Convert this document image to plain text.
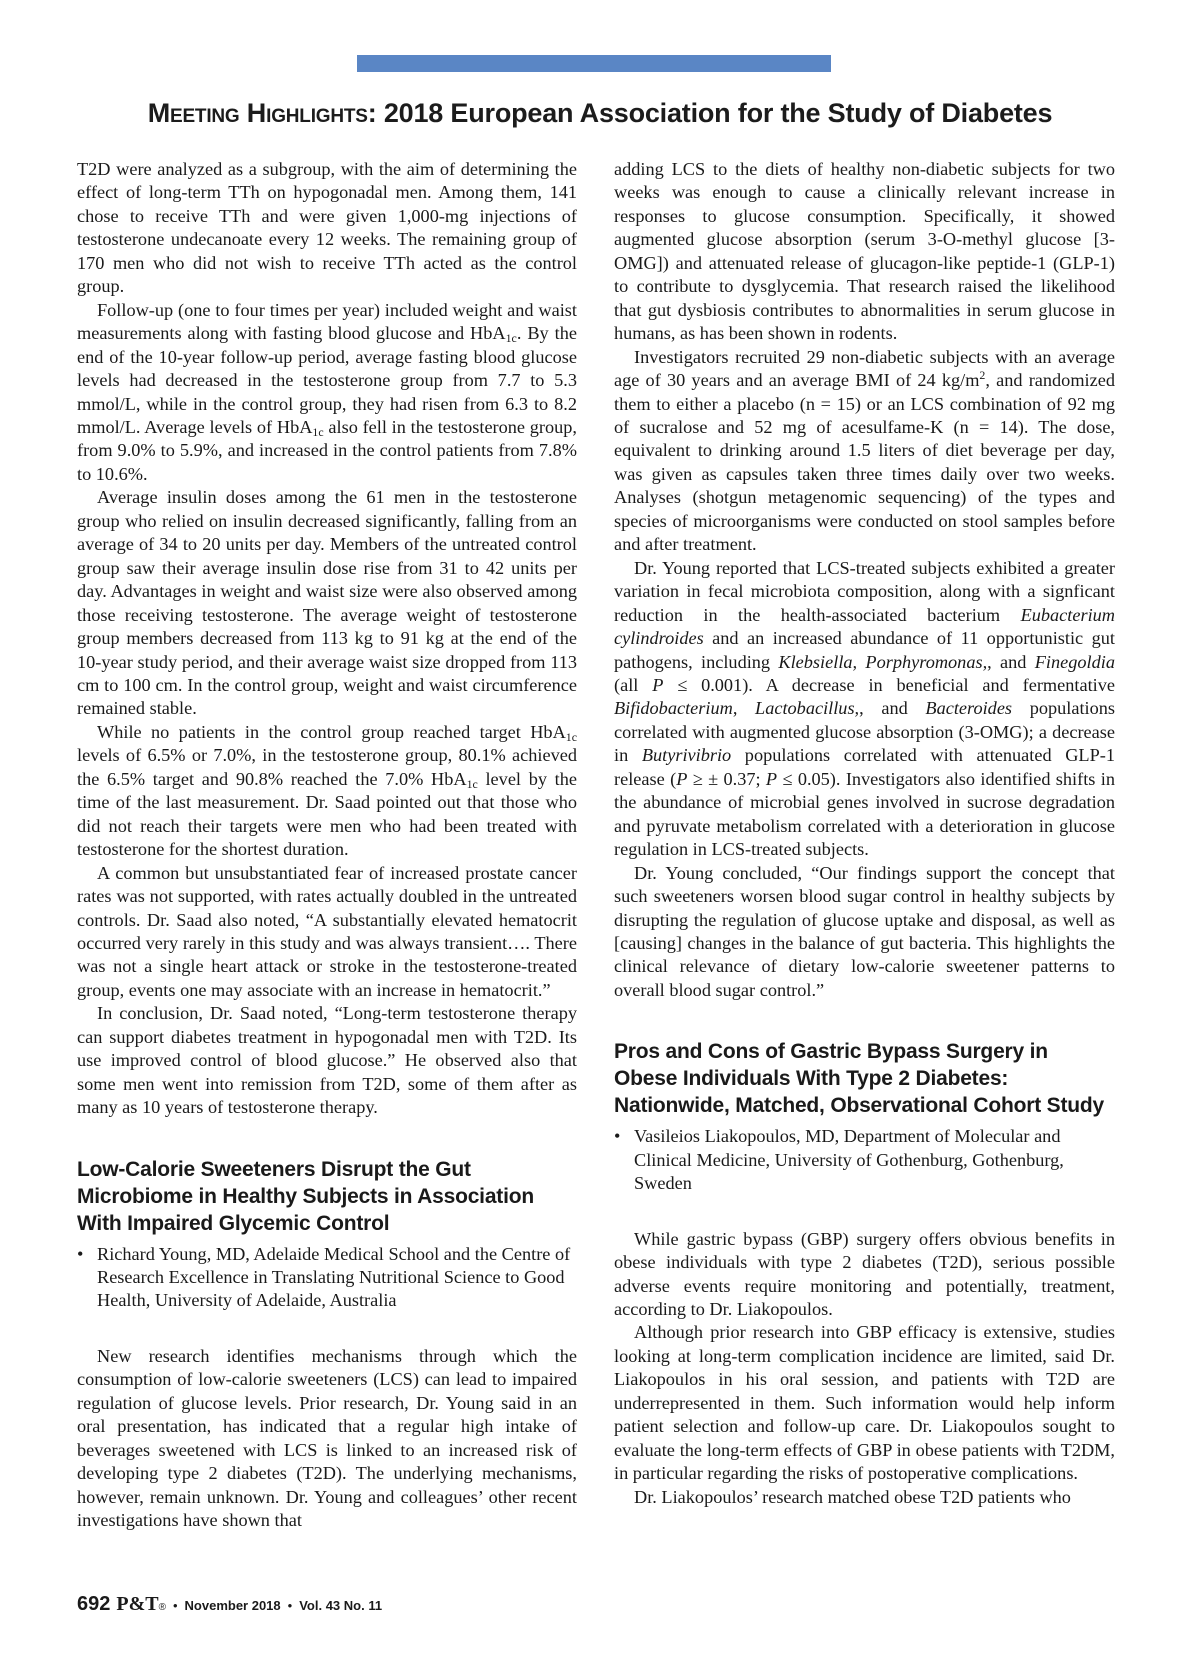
Meeting Highlights: 2018 European Association for the Study of Diabetes

T2D were analyzed as a subgroup, with the aim of determining the effect of long-term TTh on hypogonadal men. Among them, 141 chose to receive TTh and were given 1,000-mg injections of testosterone undecanoate every 12 weeks. The remaining group of 170 men who did not wish to receive TTh acted as the control group.

Follow-up (one to four times per year) included weight and waist measurements along with fasting blood glucose and HbA$_{1c}$. By the end of the 10-year follow-up period, average fasting blood glucose levels had decreased in the testosterone group from 7.7 to 5.3 mmol/L, while in the control group, they had risen from 6.3 to 8.2 mmol/L. Average levels of HbA$_{1c}$ also fell in the testosterone group, from 9.0% to 5.9%, and increased in the control patients from 7.8% to 10.6%.

Average insulin doses among the 61 men in the testosterone group who relied on insulin decreased significantly, falling from an average of 34 to 20 units per day. Members of the untreated control group saw their average insulin dose rise from 31 to 42 units per day. Advantages in weight and waist size were also observed among those receiving testosterone. The average weight of testosterone group members decreased from 113 kg to 91 kg at the end of the 10-year study period, and their average waist size dropped from 113 cm to 100 cm. In the control group, weight and waist circumference remained stable.

While no patients in the control group reached target HbA$_{1c}$ levels of 6.5% or 7.0%, in the testosterone group, 80.1% achieved the 6.5% target and 90.8% reached the 7.0% HbA$_{1c}$ level by the time of the last measurement. Dr. Saad pointed out that those who did not reach their targets were men who had been treated with testosterone for the shortest duration.

A common but unsubstantiated fear of increased prostate cancer rates was not supported, with rates actually doubled in the untreated controls. Dr. Saad also noted, “A substantially elevated hematocrit occurred very rarely in this study and was always transient…. There was not a single heart attack or stroke in the testosterone-treated group, events one may associate with an increase in hematocrit.”

In conclusion, Dr. Saad noted, “Long-term testosterone therapy can support diabetes treatment in hypogonadal men with T2D. Its use improved control of blood glucose.” He observed also that some men went into remission from T2D, some of them after as many as 10 years of testosterone therapy.

Low-Calorie Sweeteners Disrupt the Gut Microbiome in Healthy Subjects in Association With Impaired Glycemic Control

• Richard Young, MD, Adelaide Medical School and the Centre of Research Excellence in Translating Nutritional Science to Good Health, University of Adelaide, Australia

New research identifies mechanisms through which the consumption of low-calorie sweeteners (LCS) can lead to impaired regulation of glucose levels. Prior research, Dr. Young said in an oral presentation, has indicated that a regular high intake of beverages sweetened with LCS is linked to an increased risk of developing type 2 diabetes (T2D). The underlying mechanisms, however, remain unknown. Dr. Young and colleagues’ other recent investigations have shown that

adding LCS to the diets of healthy non-diabetic subjects for two weeks was enough to cause a clinically relevant increase in responses to glucose consumption. Specifically, it showed augmented glucose absorption (serum 3-O-methyl glucose [3-OMG]) and attenuated release of glucagon-like peptide-1 (GLP-1) to contribute to dysglycemia. That research raised the likelihood that gut dysbiosis contributes to abnormalities in serum glucose in humans, as has been shown in rodents.

Investigators recruited 29 non-diabetic subjects with an average age of 30 years and an average BMI of 24 $kg/m^2$, and randomized them to either a placebo (n = 15) or an LCS combination of 92 mg of sucralose and 52 mg of acesulfame-K (n = 14). The dose, equivalent to drinking around 1.5 liters of diet beverage per day, was given as capsules taken three times daily over two weeks. Analyses (shotgun metagenomic sequencing) of the types and species of microorganisms were conducted on stool samples before and after treatment.

Dr. Young reported that LCS-treated subjects exhibited a greater variation in fecal microbiota composition, along with a signficant reduction in the health-associated bacterium Eubacterium cylindroides and an increased abundance of 11 opportunistic gut pathogens, including Klebsiella, Porphyromonas,, and Finegoldia (all P ≤ 0.001). A decrease in beneficial and fermentative Bifidobacterium, Lactobacillus,, and Bacteroides populations correlated with augmented glucose absorption (3-OMG); a decrease in Butyrivibrio populations correlated with attenuated GLP-1 release (P ≥ ± 0.37; P ≤ 0.05). Investigators also identified shifts in the abundance of microbial genes involved in sucrose degradation and pyruvate metabolism correlated with a deterioration in glucose regulation in LCS-treated subjects.

Dr. Young concluded, “Our findings support the concept that such sweeteners worsen blood sugar control in healthy subjects by disrupting the regulation of glucose uptake and disposal, as well as [causing] changes in the balance of gut bacteria. This highlights the clinical relevance of dietary low-calorie sweetener patterns to overall blood sugar control.”

Pros and Cons of Gastric Bypass Surgery in Obese Individuals With Type 2 Diabetes: Nationwide, Matched, Observational Cohort Study

• Vasileios Liakopoulos, MD, Department of Molecular and Clinical Medicine, University of Gothenburg, Gothenburg, Sweden

While gastric bypass (GBP) surgery offers obvious benefits in obese individuals with type 2 diabetes (T2D), serious possible adverse events require monitoring and potentially, treatment, according to Dr. Liakopoulos.

Although prior research into GBP efficacy is extensive, studies looking at long-term complication incidence are limited, said Dr. Liakopoulos in his oral session, and patients with T2D are underrepresented in them. Such information would help inform patient selection and follow-up care. Dr. Liakopoulos sought to evaluate the long-term effects of GBP in obese patients with T2DM, in particular regarding the risks of postoperative complications.

Dr. Liakopoulos’ research matched obese T2D patients who

692 P&T® • November 2018 • Vol. 43 No. 11
